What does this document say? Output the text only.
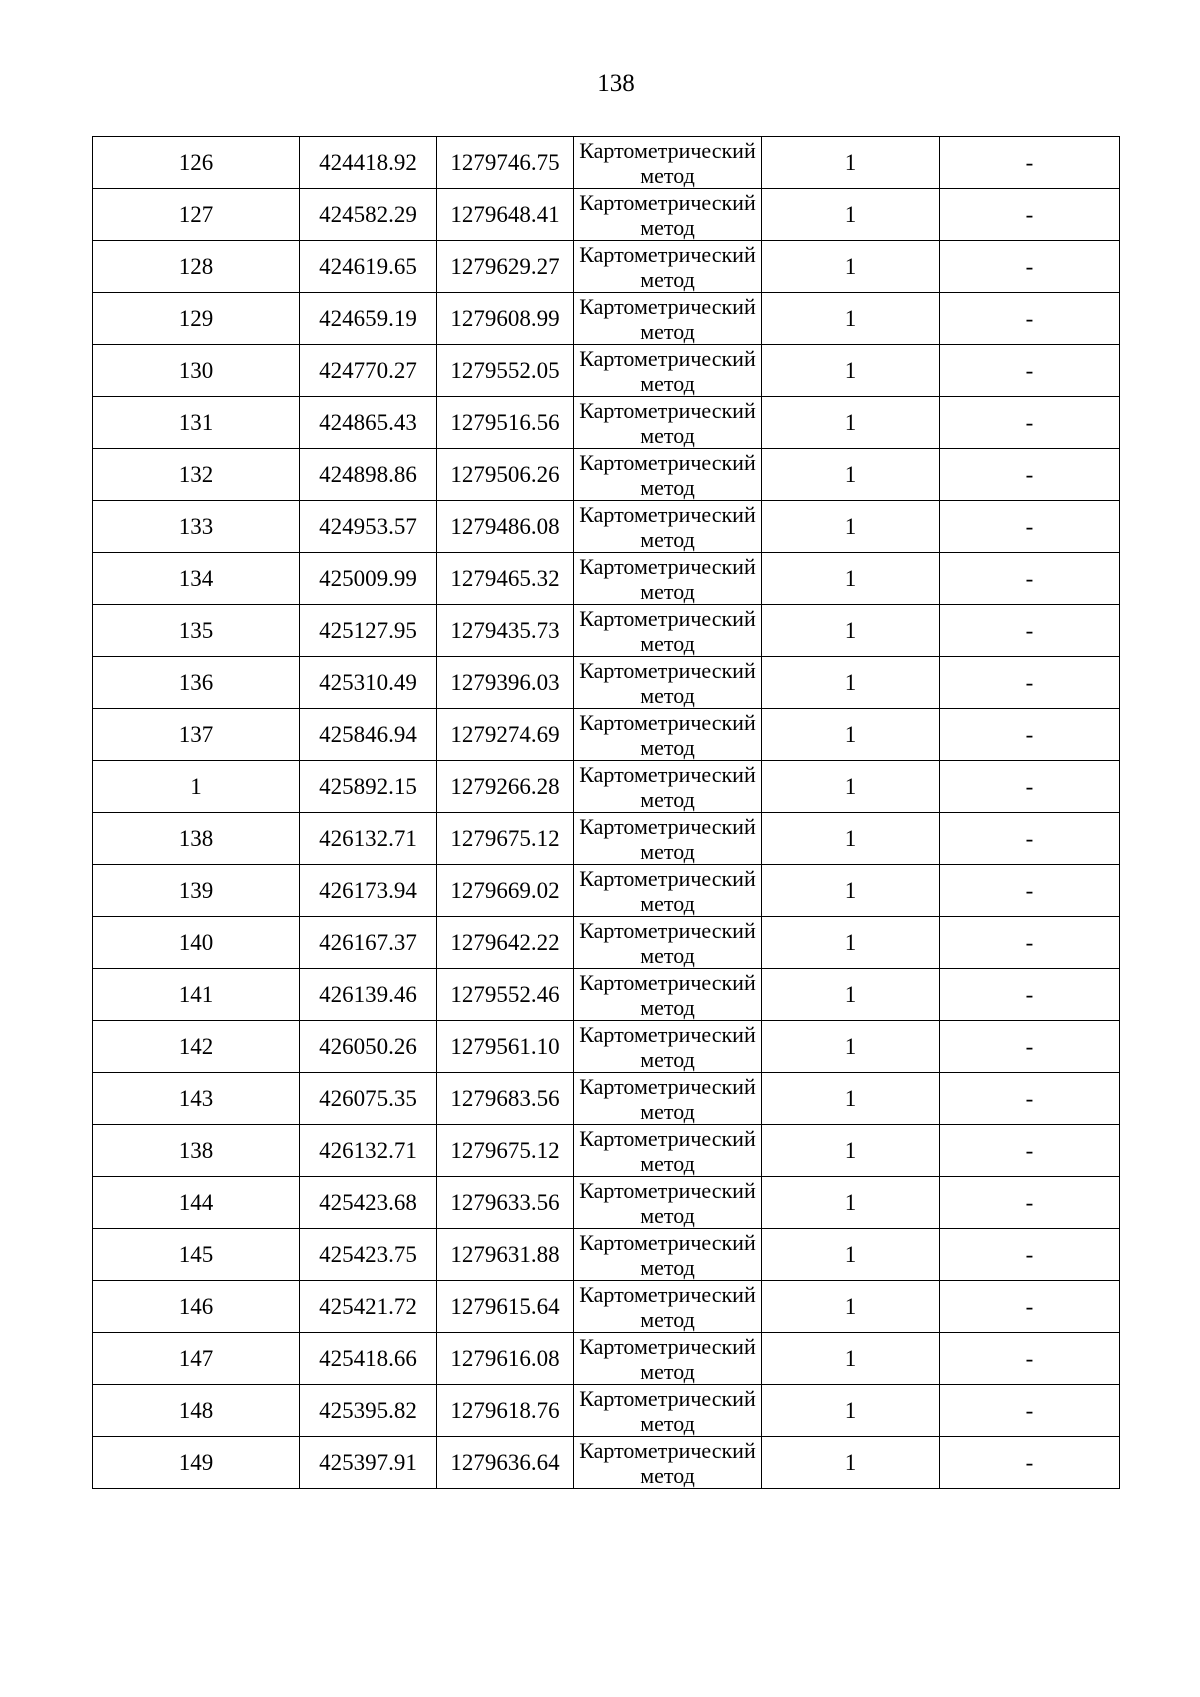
138
126	424418.92	1279746.75	Картометрический метод	1	-
127	424582.29	1279648.41	Картометрический метод	1	-
128	424619.65	1279629.27	Картометрический метод	1	-
129	424659.19	1279608.99	Картометрический метод	1	-
130	424770.27	1279552.05	Картометрический метод	1	-
131	424865.43	1279516.56	Картометрический метод	1	-
132	424898.86	1279506.26	Картометрический метод	1	-
133	424953.57	1279486.08	Картометрический метод	1	-
134	425009.99	1279465.32	Картометрический метод	1	-
135	425127.95	1279435.73	Картометрический метод	1	-
136	425310.49	1279396.03	Картометрический метод	1	-
137	425846.94	1279274.69	Картометрический метод	1	-
1	425892.15	1279266.28	Картометрический метод	1	-
138	426132.71	1279675.12	Картометрический метод	1	-
139	426173.94	1279669.02	Картометрический метод	1	-
140	426167.37	1279642.22	Картометрический метод	1	-
141	426139.46	1279552.46	Картометрический метод	1	-
142	426050.26	1279561.10	Картометрический метод	1	-
143	426075.35	1279683.56	Картометрический метод	1	-
138	426132.71	1279675.12	Картометрический метод	1	-
144	425423.68	1279633.56	Картометрический метод	1	-
145	425423.75	1279631.88	Картометрический метод	1	-
146	425421.72	1279615.64	Картометрический метод	1	-
147	425418.66	1279616.08	Картометрический метод	1	-
148	425395.82	1279618.76	Картометрический метод	1	-
149	425397.91	1279636.64	Картометрический метод	1	-
